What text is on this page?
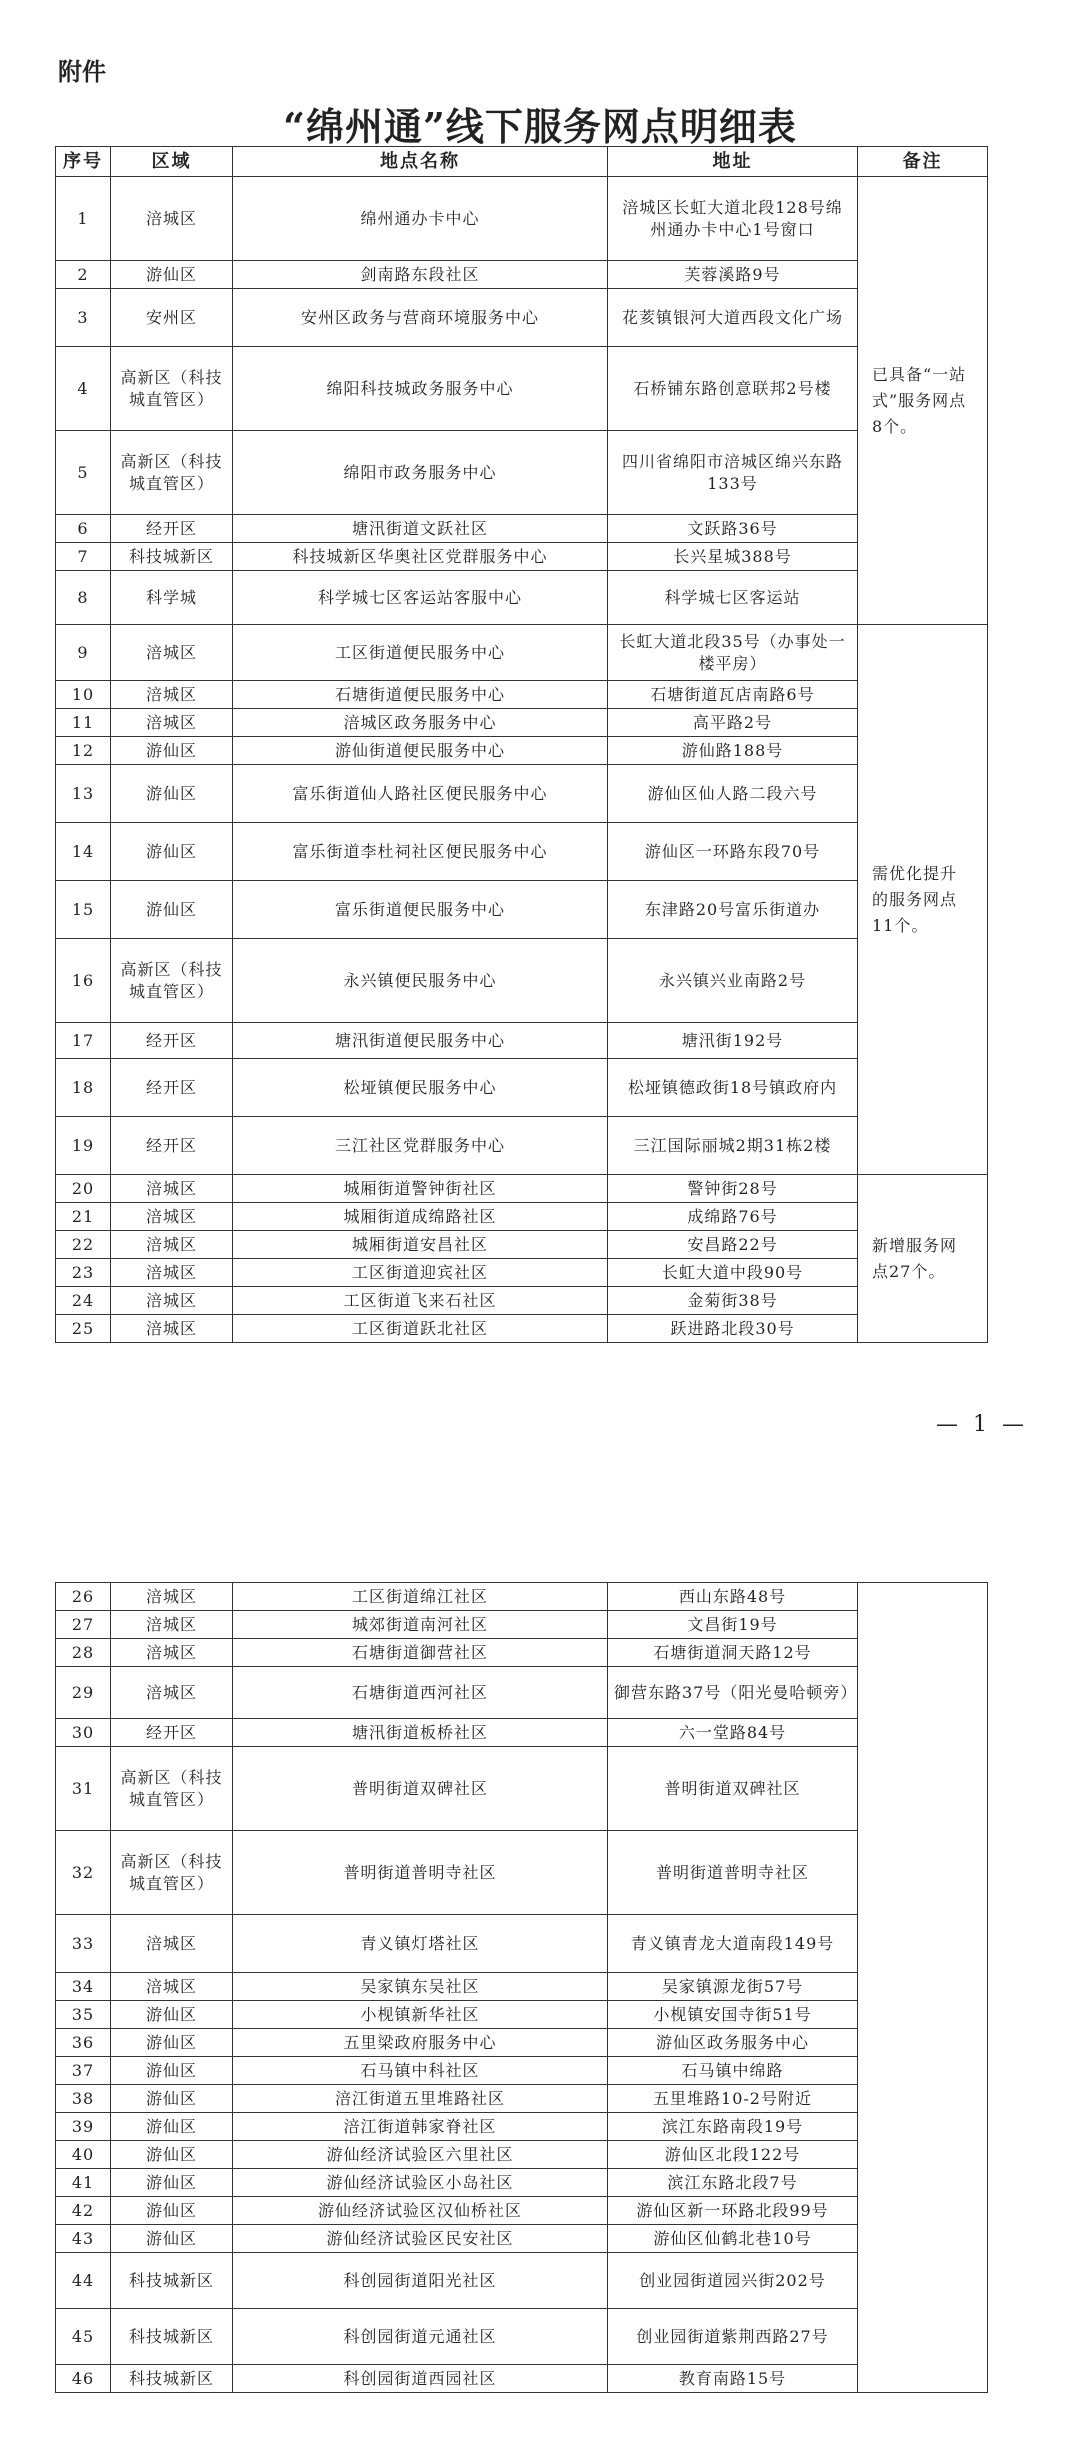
附件
“绵州通”线下服务网点明细表
序号	区域	地点名称	地址	备注
1	涪城区	绵州通办卡中心	涪城区长虹大道北段128号绵州通办卡中心1号窗口	已具备“一站式”服务网点8个。
2	游仙区	剑南路东段社区	芙蓉溪路9号	
3	安州区	安州区政务与营商环境服务中心	花荄镇银河大道西段文化广场	
4	高新区（科技城直管区）	绵阳科技城政务服务中心	石桥铺东路创意联邦2号楼	
5	高新区（科技城直管区）	绵阳市政务服务中心	四川省绵阳市涪城区绵兴东路133号	
6	经开区	塘汛街道文跃社区	文跃路36号	
7	科技城新区	科技城新区华奥社区党群服务中心	长兴星城388号	
8	科学城	科学城七区客运站客服中心	科学城七区客运站	
9	涪城区	工区街道便民服务中心	长虹大道北段35号（办事处一楼平房）	需优化提升的服务网点11个。
10	涪城区	石塘街道便民服务中心	石塘街道瓦店南路6号	
11	涪城区	涪城区政务服务中心	高平路2号	
12	游仙区	游仙街道便民服务中心	游仙路188号	
13	游仙区	富乐街道仙人路社区便民服务中心	游仙区仙人路二段六号	
14	游仙区	富乐街道李杜祠社区便民服务中心	游仙区一环路东段70号	
15	游仙区	富乐街道便民服务中心	东津路20号富乐街道办	
16	高新区（科技城直管区）	永兴镇便民服务中心	永兴镇兴业南路2号	
17	经开区	塘汛街道便民服务中心	塘汛街192号	
18	经开区	松垭镇便民服务中心	松垭镇德政街18号镇政府内	
19	经开区	三江社区党群服务中心	三江国际丽城2期31栋2楼	
20	涪城区	城厢街道警钟街社区	警钟街28号	新增服务网点27个。
21	涪城区	城厢街道成绵路社区	成绵路76号	
22	涪城区	城厢街道安昌社区	安昌路22号	
23	涪城区	工区街道迎宾社区	长虹大道中段90号	
24	涪城区	工区街道飞来石社区	金菊街38号	
25	涪城区	工区街道跃北社区	跃进路北段30号	
— 1 —
26	涪城区	工区街道绵江社区	西山东路48号	
27	涪城区	城郊街道南河社区	文昌街19号	
28	涪城区	石塘街道御营社区	石塘街道洞天路12号	
29	涪城区	石塘街道西河社区	御营东路37号（阳光曼哈顿旁）	
30	经开区	塘汛街道板桥社区	六一堂路84号	
31	高新区（科技城直管区）	普明街道双碑社区	普明街道双碑社区	
32	高新区（科技城直管区）	普明街道普明寺社区	普明街道普明寺社区	
33	涪城区	青义镇灯塔社区	青义镇青龙大道南段149号	
34	涪城区	吴家镇东吴社区	吴家镇源龙街57号	
35	游仙区	小枧镇新华社区	小枧镇安国寺街51号	
36	游仙区	五里梁政府服务中心	游仙区政务服务中心	
37	游仙区	石马镇中科社区	石马镇中绵路	
38	游仙区	涪江街道五里堆路社区	五里堆路10-2号附近	
39	游仙区	涪江街道韩家脊社区	滨江东路南段19号	
40	游仙区	游仙经济试验区六里社区	游仙区北段122号	
41	游仙区	游仙经济试验区小岛社区	滨江东路北段7号	
42	游仙区	游仙经济试验区汉仙桥社区	游仙区新一环路北段99号	
43	游仙区	游仙经济试验区民安社区	游仙区仙鹤北巷10号	
44	科技城新区	科创园街道阳光社区	创业园街道园兴街202号	
45	科技城新区	科创园街道元通社区	创业园街道紫荆西路27号	
46	科技城新区	科创园街道西园社区	教育南路15号	
